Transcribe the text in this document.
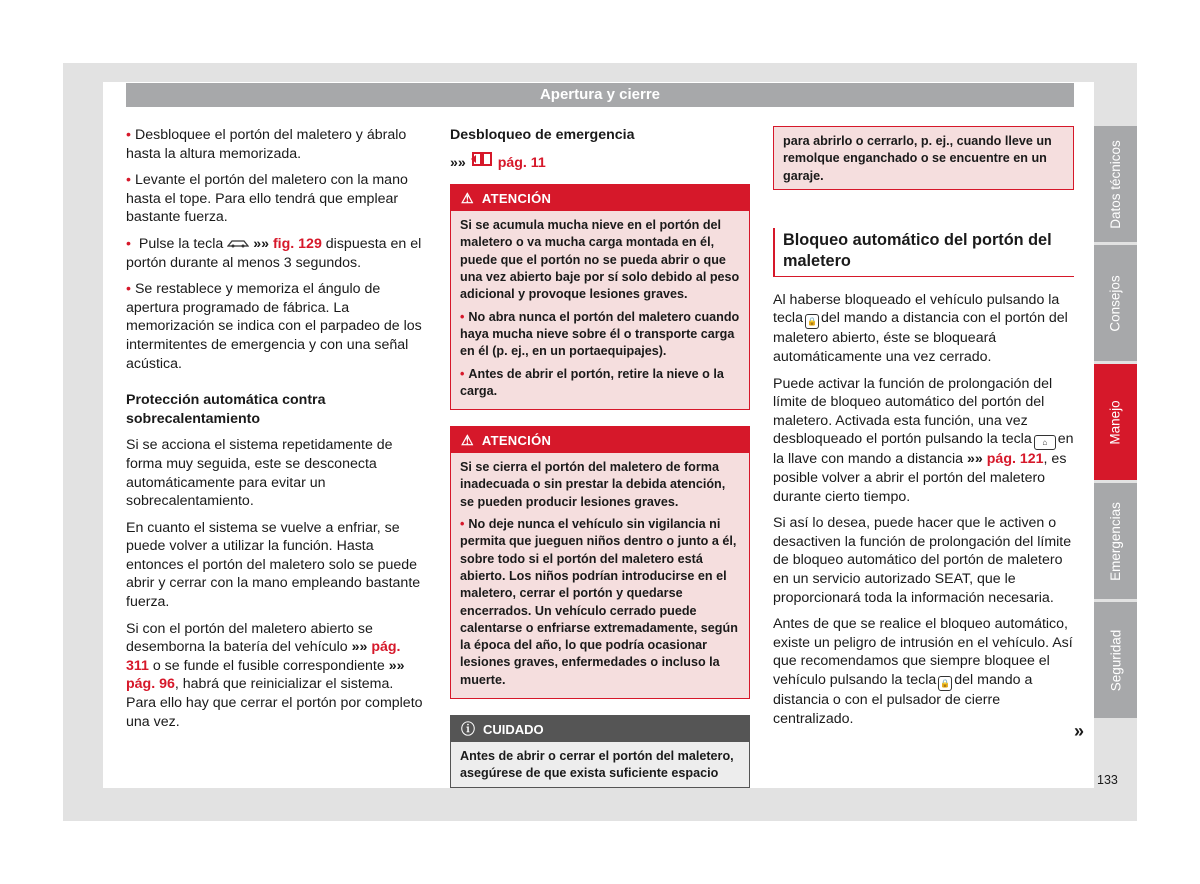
Apertura y cierre

• Desbloquee el portón del maletero y ábralo hasta la altura memorizada.

• Levante el portón del maletero con la mano hasta el tope. Para ello tendrá que emplear bastante fuerza.

• Pulse la tecla »» fig. 129 dispuesta en el portón durante al menos 3 segundos.

• Se restablece y memoriza el ángulo de apertura programado de fábrica. La memorización se indica con el parpadeo de los intermitentes de emergencia y con una señal acústica.

Protección automática contra sobrecalentamiento

Si se acciona el sistema repetidamente de forma muy seguida, este se desconecta automáticamente para evitar un sobrecalentamiento.

En cuanto el sistema se vuelve a enfriar, se puede volver a utilizar la función. Hasta entonces el portón del maletero solo se puede abrir y cerrar con la mano empleando bastante fuerza.

Si con el portón del maletero abierto se desemborna la batería del vehículo »» pág. 311 o se funde el fusible correspondiente »» pág. 96, habrá que reinicializar el sistema. Para ello hay que cerrar el portón por completo una vez.

Desbloqueo de emergencia

»» pág. 11

⚠ ATENCIÓN

Si se acumula mucha nieve en el portón del maletero o va mucha carga montada en él, puede que el portón no se pueda abrir o que una vez abierto baje por sí solo debido al peso adicional y provoque lesiones graves.

• No abra nunca el portón del maletero cuando haya mucha nieve sobre él o transporte carga en él (p. ej., en un portaequipajes).

• Antes de abrir el portón, retire la nieve o la carga.

⚠ ATENCIÓN

Si se cierra el portón del maletero de forma inadecuada o sin prestar la debida atención, se pueden producir lesiones graves.

• No deje nunca el vehículo sin vigilancia ni permita que jueguen niños dentro o junto a él, sobre todo si el portón del maletero está abierto. Los niños podrían introducirse en el maletero, cerrar el portón y quedarse encerrados. Un vehículo cerrado puede calentarse o enfriarse extremadamente, según la época del año, lo que podría ocasionar lesiones graves, enfermedades o incluso la muerte.

ⓘ CUIDADO
Antes de abrir o cerrar el portón del maletero, asegúrese de que exista suficiente espacio
para abrirlo o cerrarlo, p. ej., cuando lleve un remolque enganchado o se encuentre en un garaje.
Bloqueo automático del portón del maletero

Al haberse bloqueado el vehículo pulsando la tecla 🔒 del mando a distancia con el portón del maletero abierto, éste se bloqueará automáticamente una vez cerrado.

Puede activar la función de prolongación del límite de bloqueo automático del portón del maletero. Activada esta función, una vez desbloqueado el portón pulsando la tecla ⌂ en la llave con mando a distancia »» pág. 121, es posible volver a abrir el portón del maletero durante cierto tiempo.

Si así lo desea, puede hacer que le activen o desactiven la función de prolongación del límite de bloqueo automático del portón de maletero en un servicio autorizado SEAT, que le proporcionará toda la información necesaria.

Antes de que se realice el bloqueo automático, existe un peligro de intrusión en el vehículo. Así que recomendamos que siempre bloquee el vehículo pulsando la tecla 🔒 del mando a distancia o con el pulsador de cierre centralizado.

»
Datos técnicos
Consejos
Manejo
Emergencias
Seguridad
133
